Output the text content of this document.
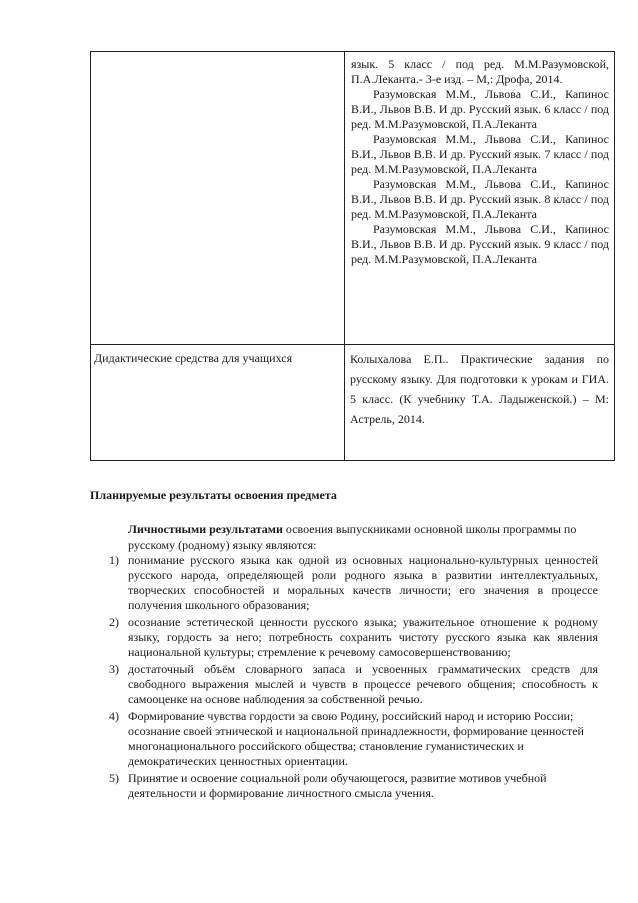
	язык. 5 класс / под ред. М.М.Разумовской, П.А.Леканта.- 3-е изд. – М,: Дрофа, 2014.

Разумовская М.М., Львова С.И., Капинос В.И., Львов В.В. И др. Русский язык. 6 класс / под ред. М.М.Разумовской, П.А.Леканта

Разумовская М.М., Львова С.И., Капинос В.И., Львов В.В. И др. Русский язык. 7 класс / под ред. М.М.Разумовской, П.А.Леканта

Разумовская М.М., Львова С.И., Капинос В.И., Львов В.В. И др. Русский язык. 8 класс / под ред. М.М.Разумовской, П.А.Леканта

Разумовская М.М., Львова С.И., Капинос В.И., Львов В.В. И др. Русский язык. 9 класс / под ред. М.М.Разумовской, П.А.Леканта

Дидактические средства для учащихся	Колыхалова Е.П.. Практические задания по русскому языку. Для подготовки к урокам и ГИА. 5 класс. (К учебнику Т.А. Ладыженской.) – М: Астрель, 2014.

Планируемые результаты освоения предмета
Личностными результатами освоения выпускниками основной школы программы по русскому (родному) языку являются:
1) понимание русского языка как одной из основных национально-культурных ценностей русского народа, определяющей роли родного языка в развитии интеллектуальных, творческих способностей и моральных качеств личности; его значения в процессе получения школьного образования;
2) осознание эстетической ценности русского языка; уважительное отношение к родному языку, гордость за него; потребность сохранить чистоту русского языка как явления национальной культуры; стремление к речевому самосовершенствованию;
3) достаточный объём словарного запаса и усвоенных грамматических средств для свободного выражения мыслей и чувств в процессе речевого общения; способность к самооценке на основе наблюдения за собственной речью.
4) Формирование чувства гордости за свою Родину, российский народ и историю России; осознание своей этнической и национальной принадлежности, формирование ценностей многонационального российского общества; становление гуманистических и демократических ценностных ориентации.
5) Принятие и освоение социальной роли обучающегося, развитие мотивов учебной деятельности и формирование личностного смысла учения.
